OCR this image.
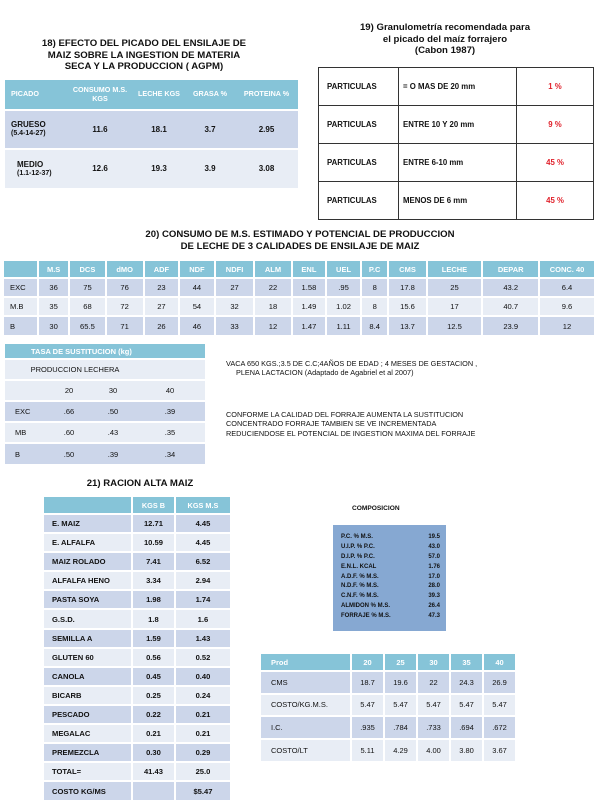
18) EFECTO DEL PICADO DEL ENSILAJE DE
MAIZ SOBRE LA INGESTION DE MATERIA
SECA Y LA PRODUCCION ( AGPM)
PICADO	CONSUMO M.S. KGS	LECHE KGS	GRASA %	PROTEINA %

GRUESO
(5.4-14-27)	11.6	18.1	3.7	2.95

MEDIO
(1.1-12-37)	12.6	19.3	3.9	3.08
19) Granulometría recomendada para
el picado del maíz forrajero
(Cabon 1987)
PARTICULAS	= O MAS DE 20 mm	1 %
PARTICULAS	ENTRE 10 Y 20 mm	9 %
PARTICULAS	ENTRE 6-10 mm	45 %
PARTICULAS	MENOS DE 6 mm	45 %
20) CONSUMO DE M.S. ESTIMADO Y POTENCIAL DE PRODUCCION
DE LECHE DE 3 CALIDADES DE ENSILAJE DE MAIZ
	M.S	DCS	dMO	ADF	NDF	NDFI	ALM	ENL	UEL	P.C	CMS	LECHE	DEPAR	CONC. 40
EXC	36	75	76	23	44	27	22	1.58	.95	8	17.8	25	43.2	6.4
M.B	35	68	72	27	54	32	18	1.49	1.02	8	15.6	17	40.7	9.6
B	30	65.5	71	26	46	33	12	1.47	1.11	8.4	13.7	12.5	23.9	12
TASA DE SUSTITUCION (kg)			
PRODUCCION LECHERA			
	20	30	40
EXC	.66	.50	.39
MB	.60	.43	.35
B	.50	.39	.34
VACA 650 KGS.;3.5 DE C.C;4AÑOS DE EDAD ; 4 MESES DE GESTACION ,
PLENA LACTACION (Adaptado de Agabriel et al 2007)
CONFORME LA CALIDAD DEL FORRAJE AUMENTA LA SUSTITUCION
CONCENTRADO FORRAJE TAMBIEN SE VE INCREMENTADA
REDUCIENDOSE EL POTENCIAL DE INGESTION MAXIMA DEL FORRAJE
21) RACION ALTA MAIZ
	KGS B	KGS M.S
E. MAIZ	12.71	4.45
E. ALFALFA	10.59	4.45
MAIZ ROLADO	7.41	6.52
ALFALFA HENO	3.34	2.94
PASTA SOYA	1.98	1.74
G.S.D.	1.8	1.6
SEMILLA A	1.59	1.43
GLUTEN 60	0.56	0.52
CANOLA	0.45	0.40
BICARB	0.25	0.24
PESCADO	0.22	0.21
MEGALAC	0.21	0.21
PREMEZCLA	0.30	0.29
TOTAL=	41.43	25.0
COSTO KG/MS		$5.47
COMPOSICION
P.C. % M.S.	19.5
U.I.P. % P.C.	43.0
D.I.P. % P.C.	57.0
E.N.L. KCAL	1.76
A.D.F. % M.S.	17.0
N.D.F. % M.S.	28.0
C.N.F. % M.S.	39.3
ALMIDON % M.S.	26.4
FORRAJE % M.S.	47.3
Prod	20	25	30	35	40
CMS	18.7	19.6	22	24.3	26.9
COSTO/KG.M.S.	5.47	5.47	5.47	5.47	5.47
I.C.	.935	.784	.733	.694	.672
COSTO/LT	5.11	4.29	4.00	3.80	3.67
